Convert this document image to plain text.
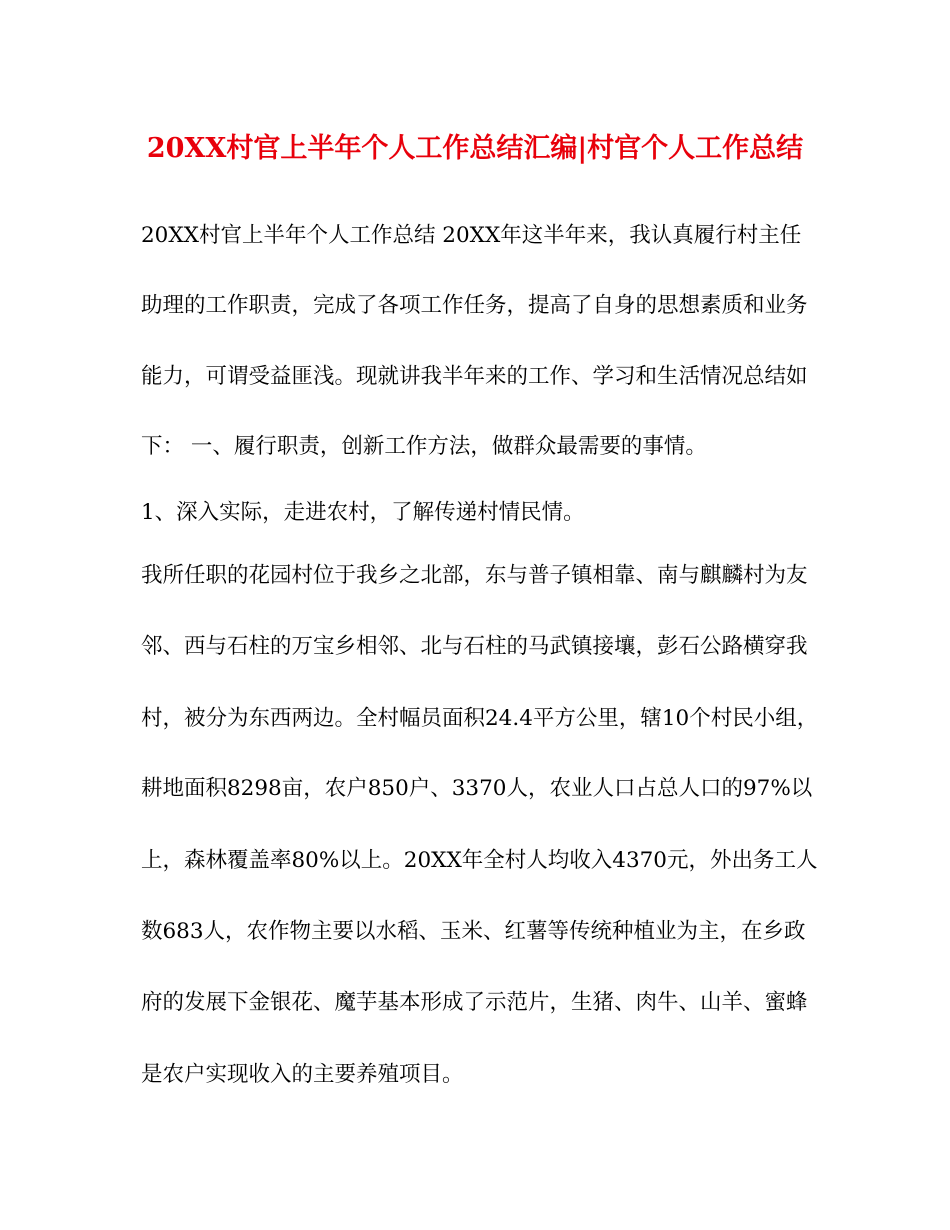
20XX村官上半年个人工作总结汇编|村官个人工作总结
20XX村官上半年个人工作总结 20XX年这半年来，我认真履行村主任
助理的工作职责，完成了各项工作任务，提高了自身的思想素质和业务
能力，可谓受益匪浅。现就讲我半年来的工作、学习和生活情况总结如
下： 一、履行职责，创新工作方法，做群众最需要的事情。
1、深入实际，走进农村，了解传递村情民情。
我所任职的花园村位于我乡之北部，东与普子镇相靠、南与麒麟村为友
邻、西与石柱的万宝乡相邻、北与石柱的马武镇接壤，彭石公路横穿我
村，被分为东西两边。全村幅员面积24.4平方公里，辖10个村民小组，
耕地面积8298亩，农户850户、3370人，农业人口占总人口的97%以
上，森林覆盖率80%以上。20XX年全村人均收入4370元，外出务工人
数683人，农作物主要以水稻、玉米、红薯等传统种植业为主，在乡政
府的发展下金银花、魔芋基本形成了示范片，生猪、肉牛、山羊、蜜蜂
是农户实现收入的主要养殖项目。
